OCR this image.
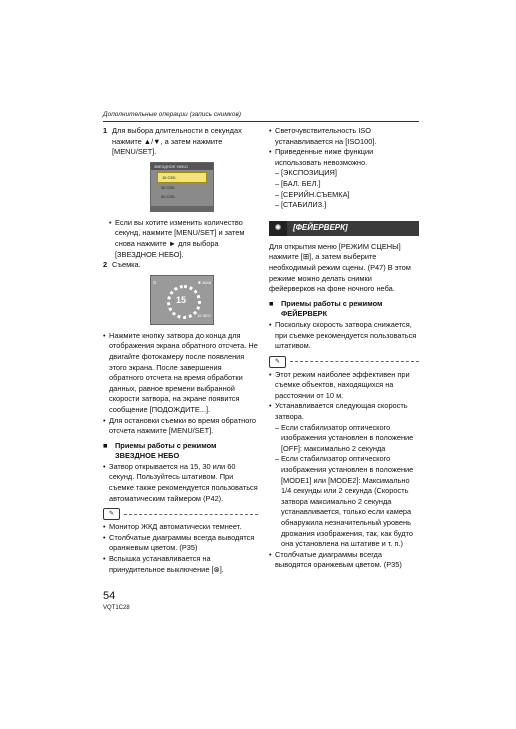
Дополнительные операции (запись снимков)
1 Для выбора длительности в секундах нажмите ▲/▼, а затем нажмите [MENU/SET].
ЗВЕЗДНОЕ НЕБО
15 СЕК.
30 СЕК.
60 СЕК.
• Если вы хотите изменить количество секунд, нажмите [MENU/SET] и затем снова нажмите ► для выбора [ЗВЕЗДНОЕ НЕБО].
2 Съемка.
⊡	✱ 3648
15
15 SEC
• Нажмите кнопку затвора до конца для отображения экрана обратного отсчета. Не двигайте фотокамеру после появления этого экрана. После завершения обратного отсчета на время обработки данных, равное времени выбранной скорости затвора, на экране появится сообщение [ПОДОЖДИТЕ...].
• Для остановки съемки во время обратного отсчета нажмите [MENU/SET].
■	Приемы работы с режимом ЗВЕЗДНОЕ НЕБО
• Затвор открывается на 15, 30 или 60 секунд. Пользуйтесь штативом. При съемке также рекомендуется пользоваться автоматическим таймером (P42).
✎
• Монитор ЖКД автоматически темнеет.
• Столбчатые диаграммы всегда выводятся оранжевым цветом. (P35)
• Вспышка устанавливается на принудительное выключение [⊗].
• Светочувствительность ISO устанавливается на [ISO100].
• Приведенные ниже функции использовать невозможно.
– [ЭКСПОЗИЦИЯ]
– [БАЛ. БЕЛ.]
– [СЕРИЙН.СЪЕМКА]
– [СТАБИЛИЗ.]
✺	[ФЕЙЕРВЕРК]

Для открытия меню [РЕЖИМ СЦЕНЫ] нажмите [⊞], а затем выберите необходимый режим сцены. (P47) В этом режиме можно делать снимки фейерверков на фоне ночного неба.

■	Приемы работы с режимом ФЕЙЕРВЕРК
• Поскольку скорость затвора снижается, при съемке рекомендуется пользоваться штативом.
✎
• Этот режим наиболее эффективен при съемке объектов, находящихся на расстоянии от 10 м.
• Устанавливается следующая скорость затвора.
– Если стабилизатор оптического изображения установлен в положение [OFF]: максимально 2 секунда
– Если стабилизатор оптического изображения установлен в положение [MODE1] или [MODE2]: Максимально 1/4 секунды или 2 секунда (Скорость затвора максимально 2 секунда устанавливается, только если камера обнаружила незначительный уровень дрожания изображения, так, как будто она установлена на штативе и т. п.)
• Столбчатые диаграммы всегда выводятся оранжевым цветом. (P35)
54
VQT1C28
